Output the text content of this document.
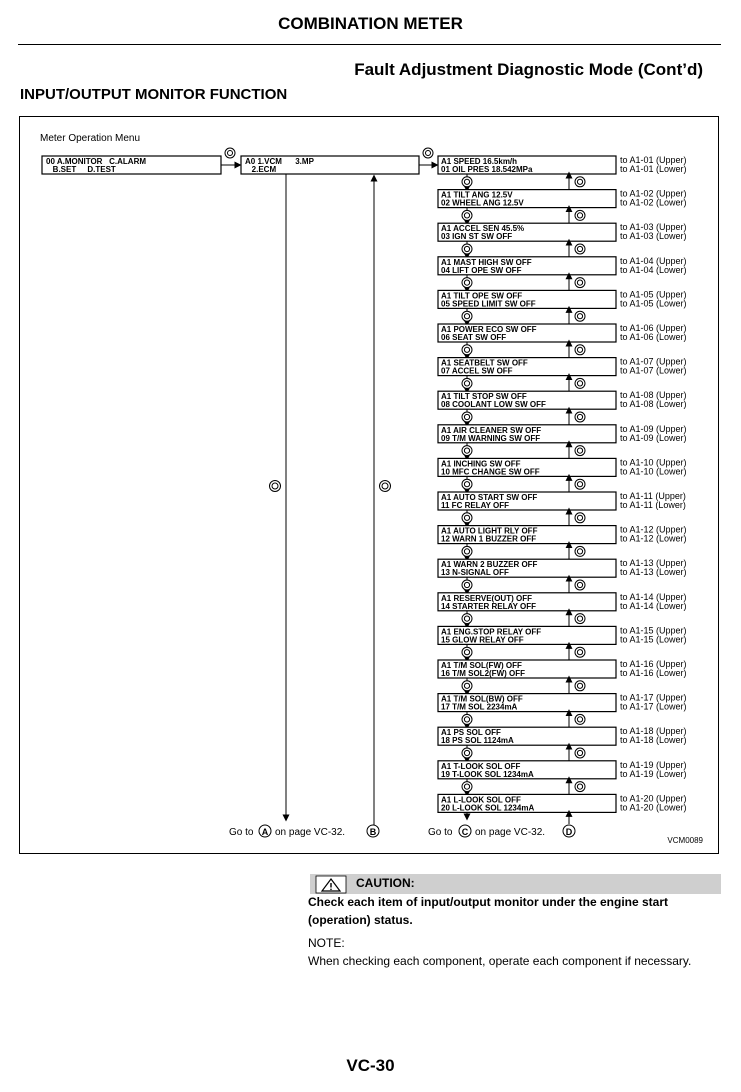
COMBINATION METER
Fault Adjustment Diagnostic Mode (Cont’d)
INPUT/OUTPUT MONITOR FUNCTION
Meter Operation Menu
00 A.MONITOR   C.ALARM
B.SET     D.TEST
A0 1.VCM      3.MP
2.ECM
A1 SPEED 16.5km/h
01 OIL PRES 18.542MPa
to A1-01 (Upper)
to A1-01 (Lower)
A1 TILT ANG 12.5V
02 WHEEL ANG 12.5V
to A1-02 (Upper)
to A1-02 (Lower)
A1 ACCEL SEN 45.5%
03 IGN ST SW OFF
to A1-03 (Upper)
to A1-03 (Lower)
A1 MAST HIGH SW OFF
04 LIFT OPE SW OFF
to A1-04 (Upper)
to A1-04 (Lower)
A1 TILT OPE SW OFF
05 SPEED LIMIT SW OFF
to A1-05 (Upper)
to A1-05 (Lower)
A1 POWER ECO SW OFF
06 SEAT SW OFF
to A1-06 (Upper)
to A1-06 (Lower)
A1 SEATBELT SW OFF
07 ACCEL SW OFF
to A1-07 (Upper)
to A1-07 (Lower)
A1 TILT STOP SW OFF
08 COOLANT LOW SW OFF
to A1-08 (Upper)
to A1-08 (Lower)
A1 AIR CLEANER SW OFF
09 T/M WARNING SW OFF
to A1-09 (Upper)
to A1-09 (Lower)
A1 INCHING SW OFF
10 MFC CHANGE SW OFF
to A1-10 (Upper)
to A1-10 (Lower)
A1 AUTO START SW OFF
11 FC RELAY OFF
to A1-11 (Upper)
to A1-11 (Lower)
A1 AUTO LIGHT RLY OFF
12 WARN 1 BUZZER OFF
to A1-12 (Upper)
to A1-12 (Lower)
A1 WARN 2 BUZZER OFF
13 N-SIGNAL OFF
to A1-13 (Upper)
to A1-13 (Lower)
A1 RESERVE(OUT) OFF
14 STARTER RELAY OFF
to A1-14 (Upper)
to A1-14 (Lower)
A1 ENG.STOP RELAY OFF
15 GLOW RELAY OFF
to A1-15 (Upper)
to A1-15 (Lower)
A1 T/M SOL(FW) OFF
16 T/M SOL2(FW) OFF
to A1-16 (Upper)
to A1-16 (Lower)
A1 T/M SOL(BW) OFF
17 T/M SOL 2234mA
to A1-17 (Upper)
to A1-17 (Lower)
A1 PS SOL OFF
18 PS SOL 1124mA
to A1-18 (Upper)
to A1-18 (Lower)
A1 T-LOOK SOL OFF
19 T-LOOK SOL 1234mA
to A1-19 (Upper)
to A1-19 (Lower)
A1 L-LOOK SOL OFF
20 L-LOOK SOL 1234mA
to A1-20 (Upper)
to A1-20 (Lower)
Go to A on page VC-32.	B	Go to C on page VC-32. D
VCM0089
CAUTION:
Check each item of input/output monitor under the engine start (operation) status.
NOTE:
When checking each component, operate each component if necessary.
VC-30
